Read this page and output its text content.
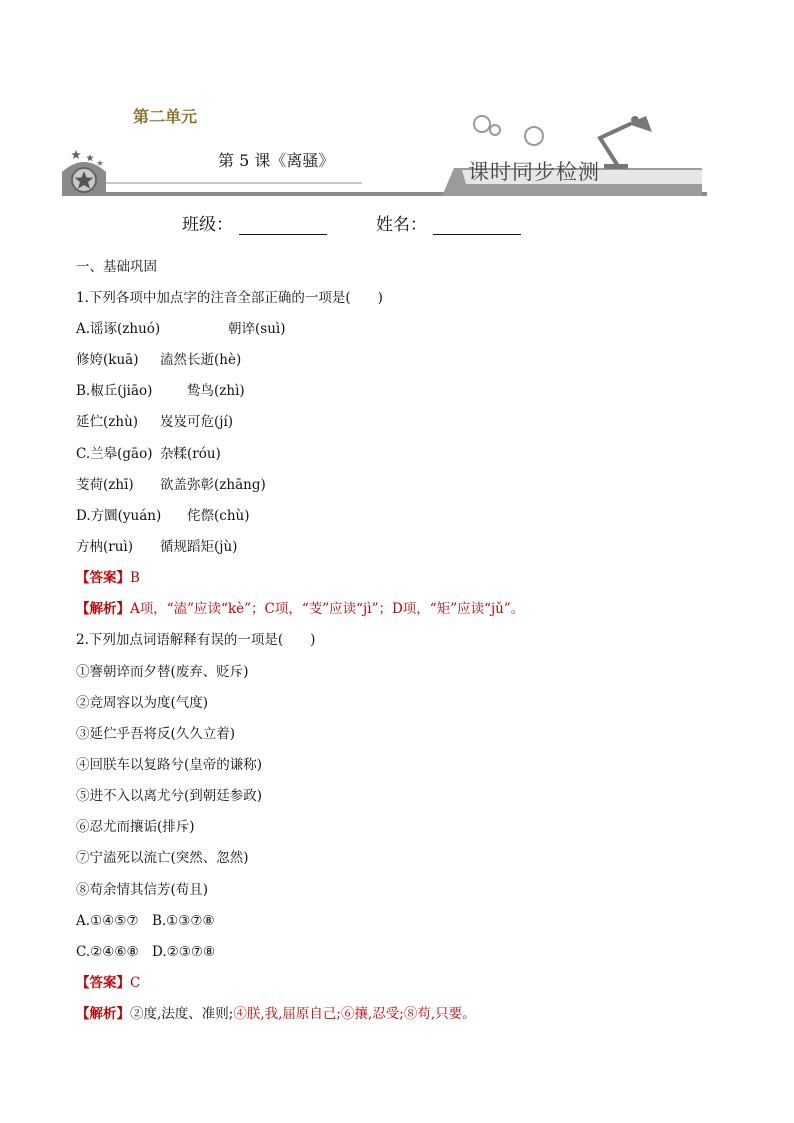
第二单元
第 5 课《离骚》	课时同步检测
班级：	姓名：
一、基础巩固
1.下列各项中加点字的注音全部正确的一项是(　　)
A.谣诼(zhuó)	朝谇(suì)
修姱(kuā) 溘然长逝(hè)
B.椒丘(jiāo)	鸷鸟(zhì)
延伫(zhù) 岌岌可危(jí)
C.兰皋(gāo) 杂糅(róu)
芰荷(zhī) 欲盖弥彰(zhāng)
D.方圜(yuán) 侘傺(chù)
方枘(ruì) 循规蹈矩(jù)
【答案】B
【解析】A项，“溘”应读“kè”；C项，“芰”应读“jì”；D项，“矩”应读“jǔ”。
2.下列加点词语解释有误的一项是(　　)
①謇朝谇而夕替(废弃、贬斥)
②竞周容以为度(气度)
③延伫乎吾将反(久久立着)
④回朕车以复路兮(皇帝的谦称)
⑤进不入以离尤兮(到朝廷参政)
⑥忍尤而攘诟(排斥)
⑦宁溘死以流亡(突然、忽然)
⑧苟余情其信芳(苟且)
A.①④⑤⑦　B.①③⑦⑧
C.②④⑥⑧　D.②③⑦⑧
【答案】C
【解析】②度,法度、准则;④朕,我,屈原自己;⑥攘,忍受;⑧苟,只要。
